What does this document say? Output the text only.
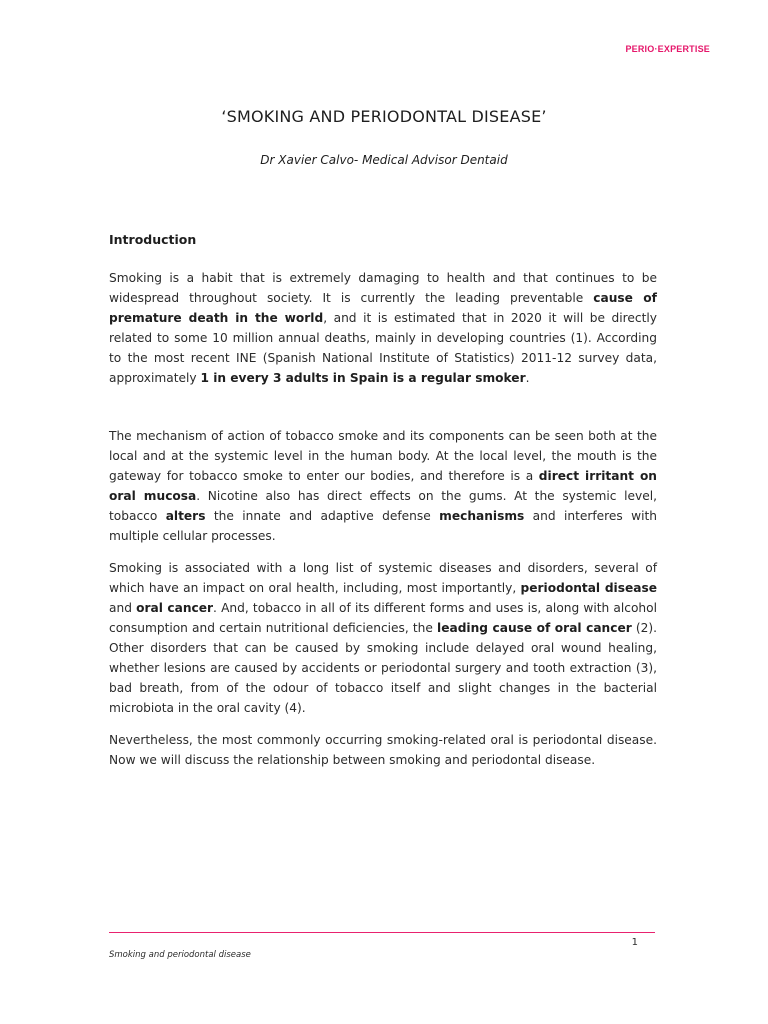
PERIO·EXPERTISE
‘SMOKING AND PERIODONTAL DISEASE’
Dr Xavier Calvo- Medical Advisor Dentaid

Introduction

Smoking is a habit that is extremely damaging to health and that continues to be widespread throughout society. It is currently the leading preventable cause of premature death in the world, and it is estimated that in 2020 it will be directly related to some 10 million annual deaths, mainly in developing countries (1). According to the most recent INE (Spanish National Institute of Statistics) 2011-12 survey data, approximately 1 in every 3 adults in Spain is a regular smoker.

The mechanism of action of tobacco smoke and its components can be seen both at the local and at the systemic level in the human body. At the local level, the mouth is the gateway for tobacco smoke to enter our bodies, and therefore is a direct irritant on oral mucosa. Nicotine also has direct effects on the gums. At the systemic level, tobacco alters the innate and adaptive defense mechanisms and interferes with multiple cellular processes.

Smoking is associated with a long list of systemic diseases and disorders, several of which have an impact on oral health, including, most importantly, periodontal disease and oral cancer. And, tobacco in all of its different forms and uses is, along with alcohol consumption and certain nutritional deficiencies, the leading cause of oral cancer (2). Other disorders that can be caused by smoking include delayed oral wound healing, whether lesions are caused by accidents or periodontal surgery and tooth extraction (3), bad breath, from of the odour of tobacco itself and slight changes in the bacterial microbiota in the oral cavity (4).

Nevertheless, the most commonly occurring smoking-related oral is periodontal disease. Now we will discuss the relationship between smoking and periodontal disease.

1
Smoking and periodontal disease
